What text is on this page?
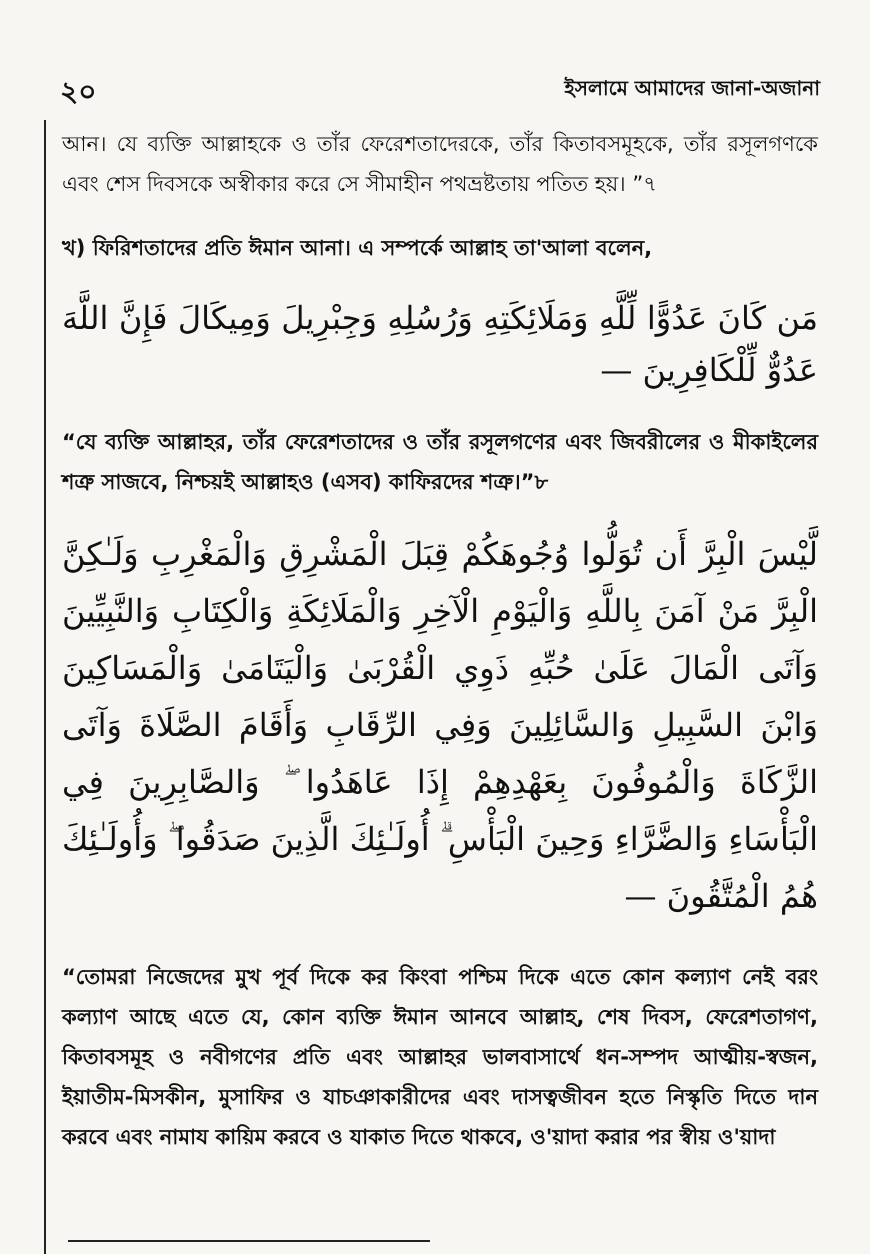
২০	ইসলামে আমাদের জানা-অজানা

আন। যে ব্যক্তি আল্লাহকে ও তাঁর ফেরেশতাদেরকে, তাঁর কিতাবসমূহকে, তাঁর রসূলগণকে এবং শেস দিবসকে অস্বীকার করে সে সীমাহীন পথভ্রষ্টতায় পতিত হয়। ”৭

খ) ফিরিশতাদের প্রতি ঈমান আনা। এ সম্পর্কে আল্লাহ তা'আলা বলেন,

مَن كَانَ عَدُوًّا لِّلَّهِ وَمَلَائِكَتِهِ وَرُسُلِهِ وَجِبْرِيلَ وَمِيكَالَ فَإِنَّ اللَّهَ عَدُوٌّ لِّلْكَافِرِينَ —

“যে ব্যক্তি আল্লাহর, তাঁর ফেরেশতাদের ও তাঁর রসূলগণের এবং জিবরীলের ও মীকাইলের শত্রু সাজবে, নিশ্চয়ই আল্লাহও (এসব) কাফিরদের শত্রু।”৮

لَّيْسَ الْبِرَّ أَن تُوَلُّوا وُجُوهَكُمْ قِبَلَ الْمَشْرِقِ وَالْمَغْرِبِ وَلَـٰكِنَّ الْبِرَّ مَنْ آمَنَ بِاللَّهِ وَالْيَوْمِ الْآخِرِ وَالْمَلَائِكَةِ وَالْكِتَابِ وَالنَّبِيِّينَ وَآتَى الْمَالَ عَلَىٰ حُبِّهِ ذَوِي الْقُرْبَىٰ وَالْيَتَامَىٰ وَالْمَسَاكِينَ وَابْنَ السَّبِيلِ وَالسَّائِلِينَ وَفِي الرِّقَابِ وَأَقَامَ الصَّلَاةَ وَآتَى الزَّكَاةَ وَالْمُوفُونَ بِعَهْدِهِمْ إِذَا عَاهَدُوا ۖ وَالصَّابِرِينَ فِي الْبَأْسَاءِ وَالضَّرَّاءِ وَحِينَ الْبَأْسِ ۗ أُولَـٰئِكَ الَّذِينَ صَدَقُوا ۖ وَأُولَـٰئِكَ هُمُ الْمُتَّقُونَ —

“তোমরা নিজেদের মুখ পূর্ব দিকে কর কিংবা পশ্চিম দিকে এতে কোন কল্যাণ নেই বরং কল্যাণ আছে এতে যে, কোন ব্যক্তি ঈমান আনবে আল্লাহ, শেষ দিবস, ফেরেশতাগণ, কিতাবসমূহ ও নবীগণের প্রতি এবং আল্লাহর ভালবাসার্থে ধন-সম্পদ আত্মীয়-স্বজন, ইয়াতীম-মিসকীন, মুসাফির ও যাচঞাকারীদের এবং দাসত্বজীবন হতে নিস্কৃতি দিতে দান করবে এবং নামায কায়িম করবে ও যাকাত দিতে থাকবে, ও'য়াদা করার পর স্বীয় ও'য়াদা
